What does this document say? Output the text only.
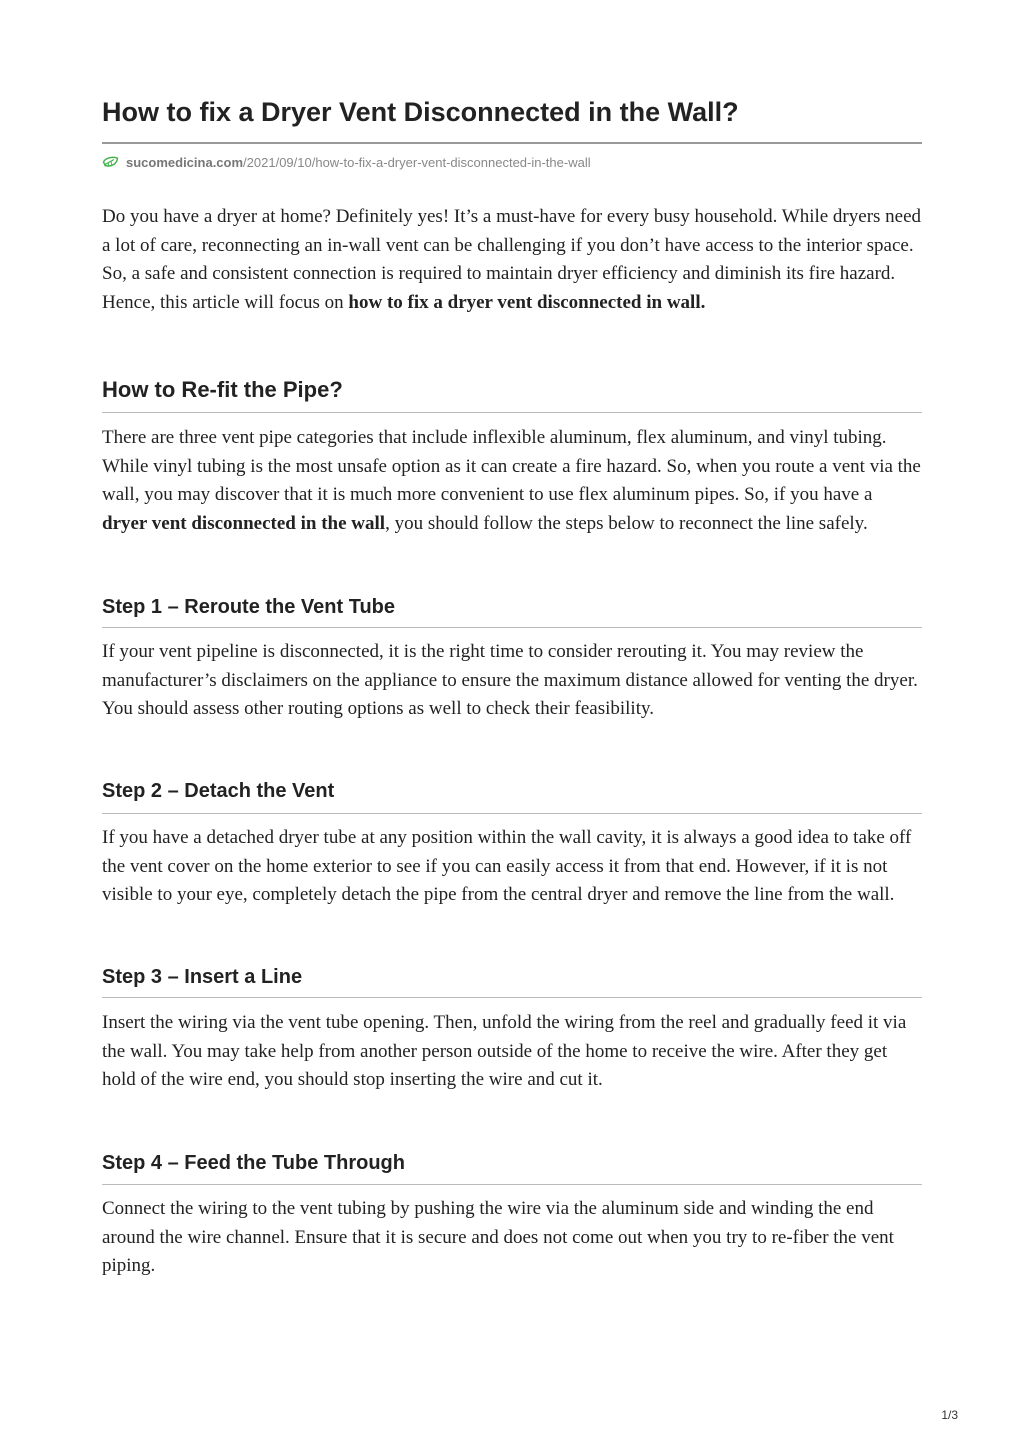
How to fix a Dryer Vent Disconnected in the Wall?
sucomedicina.com /2021/09/10/how-to-fix-a-dryer-vent-disconnected-in-the-wall

Do you have a dryer at home? Definitely yes! It’s a must-have for every busy household. While dryers need a lot of care, reconnecting an in-wall vent can be challenging if you don’t have access to the interior space. So, a safe and consistent connection is required to maintain dryer efficiency and diminish its fire hazard. Hence, this article will focus on how to fix a dryer vent disconnected in wall.

How to Re-fit the Pipe?

There are three vent pipe categories that include inflexible aluminum, flex aluminum, and vinyl tubing. While vinyl tubing is the most unsafe option as it can create a fire hazard. So, when you route a vent via the wall, you may discover that it is much more convenient to use flex aluminum pipes. So, if you have a dryer vent disconnected in the wall, you should follow the steps below to reconnect the line safely.

Step 1 – Reroute the Vent Tube

If your vent pipeline is disconnected, it is the right time to consider rerouting it. You may review the manufacturer’s disclaimers on the appliance to ensure the maximum distance allowed for venting the dryer. You should assess other routing options as well to check their feasibility.

Step 2 – Detach the Vent

If you have a detached dryer tube at any position within the wall cavity, it is always a good idea to take off the vent cover on the home exterior to see if you can easily access it from that end. However, if it is not visible to your eye, completely detach the pipe from the central dryer and remove the line from the wall.

Step 3 – Insert a Line

Insert the wiring via the vent tube opening. Then, unfold the wiring from the reel and gradually feed it via the wall. You may take help from another person outside of the home to receive the wire. After they get hold of the wire end, you should stop inserting the wire and cut it.

Step 4 – Feed the Tube Through

Connect the wiring to the vent tubing by pushing the wire via the aluminum side and winding the end around the wire channel. Ensure that it is secure and does not come out when you try to re-fiber the vent piping.

1/3
